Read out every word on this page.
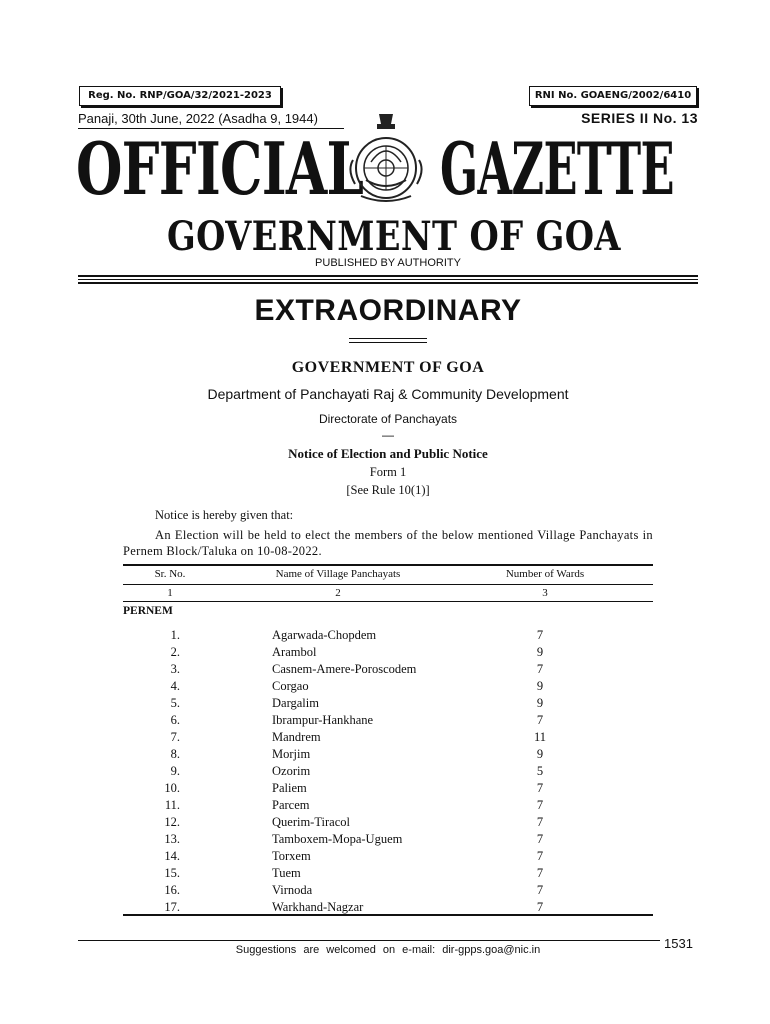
Reg. No. RNP/GOA/32/2021-2023	RNI No. GOAENG/2002/6410
Panaji, 30th June, 2022 (Asadha 9, 1944)	SERIES II No. 13
OFFICIAL GAZETTE
GOVERNMENT OF GOA
PUBLISHED BY AUTHORITY
EXTRAORDINARY
GOVERNMENT OF GOA
Department of Panchayati Raj & Community Development
Directorate of Panchayats
—
Notice of Election and Public Notice
Form 1
[See Rule 10(1)]
Notice is hereby given that:
An Election will be held to elect the members of the below mentioned Village Panchayats in Pernem Block/Taluka on 10-08-2022.
Sr. No.	Name of Village Panchayats	Number of Wards
1	2	3
PERNEM
1.	Agarwada-Chopdem	7
2.	Arambol	9
3.	Casnem-Amere-Poroscodem	7
4.	Corgao	9
5.	Dargalim	9
6.	Ibrampur-Hankhane	7
7.	Mandrem	11
8.	Morjim	9
9.	Ozorim	5
10.	Paliem	7
11.	Parcem	7
12.	Querim-Tiracol	7
13.	Tamboxem-Mopa-Uguem	7
14.	Torxem	7
15.	Tuem	7
16.	Virnoda	7
17.	Warkhand-Nagzar	7
Suggestions are welcomed on e-mail: dir-gpps.goa@nic.in	1531
